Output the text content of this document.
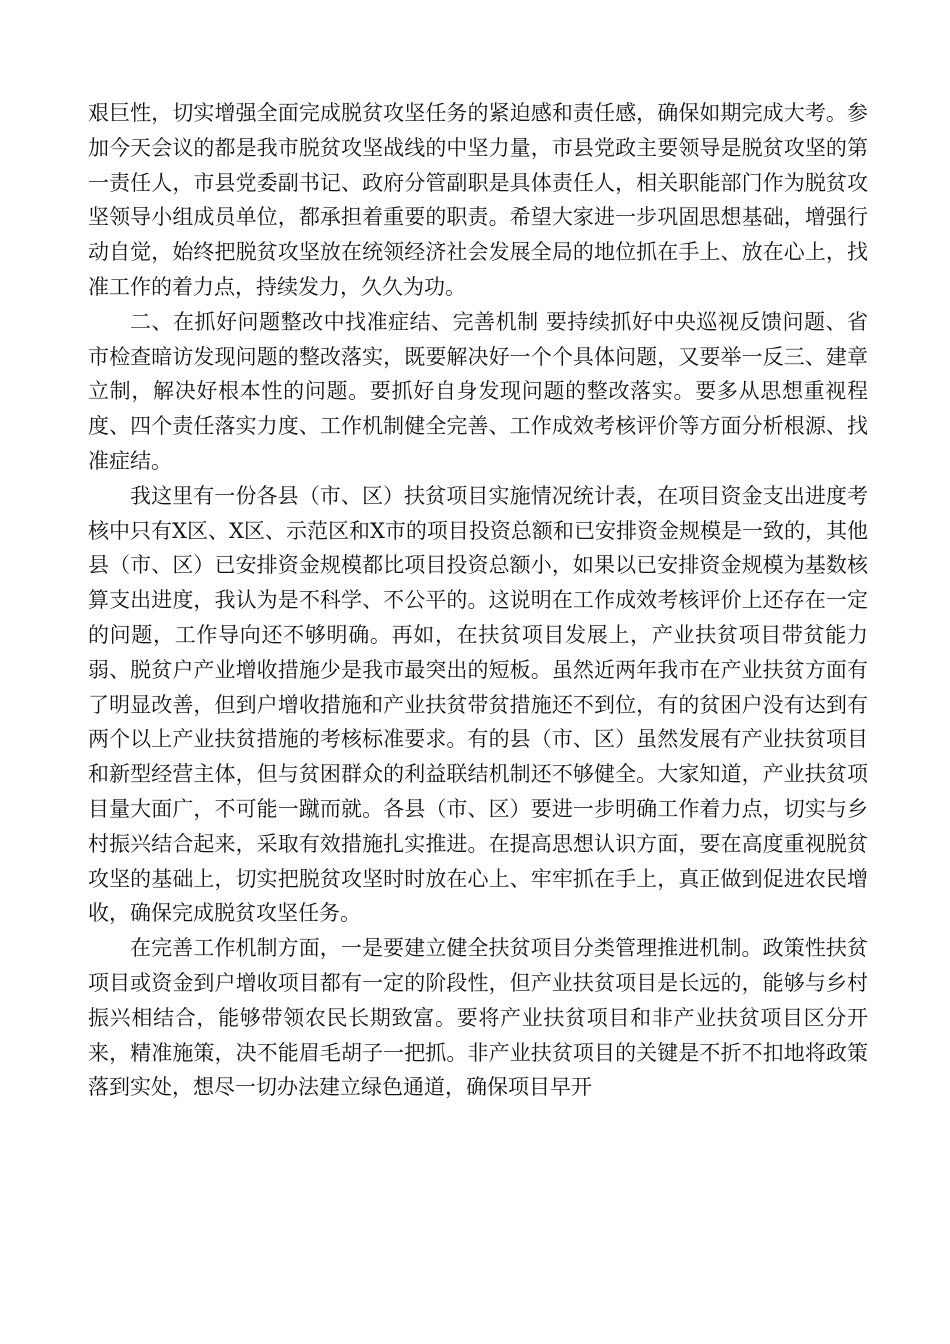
艰巨性，切实增强全面完成脱贫攻坚任务的紧迫感和责任感，确保如期完成大考。参加今天会议的都是我市脱贫攻坚战线的中坚力量，市县党政主要领导是脱贫攻坚的第一责任人，市县党委副书记、政府分管副职是具体责任人，相关职能部门作为脱贫攻坚领导小组成员单位，都承担着重要的职责。希望大家进一步巩固思想基础，增强行动自觉，始终把脱贫攻坚放在统领经济社会发展全局的地位抓在手上、放在心上，找准工作的着力点，持续发力，久久为功。

二、在抓好问题整改中找准症结、完善机制 要持续抓好中央巡视反馈问题、省市检查暗访发现问题的整改落实，既要解决好一个个具体问题，又要举一反三、建章立制，解决好根本性的问题。要抓好自身发现问题的整改落实。要多从思想重视程度、四个责任落实力度、工作机制健全完善、工作成效考核评价等方面分析根源、找准症结。

我这里有一份各县（市、区）扶贫项目实施情况统计表，在项目资金支出进度考核中只有X区、X区、示范区和X市的项目投资总额和已安排资金规模是一致的，其他县（市、区）已安排资金规模都比项目投资总额小，如果以已安排资金规模为基数核算支出进度，我认为是不科学、不公平的。这说明在工作成效考核评价上还存在一定的问题，工作导向还不够明确。再如，在扶贫项目发展上，产业扶贫项目带贫能力弱、脱贫户产业增收措施少是我市最突出的短板。虽然近两年我市在产业扶贫方面有了明显改善，但到户增收措施和产业扶贫带贫措施还不到位，有的贫困户没有达到有两个以上产业扶贫措施的考核标准要求。有的县（市、区）虽然发展有产业扶贫项目和新型经营主体，但与贫困群众的利益联结机制还不够健全。大家知道，产业扶贫项目量大面广，不可能一蹴而就。各县（市、区）要进一步明确工作着力点，切实与乡村振兴结合起来，采取有效措施扎实推进。在提高思想认识方面，要在高度重视脱贫攻坚的基础上，切实把脱贫攻坚时时放在心上、牢牢抓在手上，真正做到促进农民增收，确保完成脱贫攻坚任务。

在完善工作机制方面，一是要建立健全扶贫项目分类管理推进机制。政策性扶贫项目或资金到户增收项目都有一定的阶段性，但产业扶贫项目是长远的，能够与乡村振兴相结合，能够带领农民长期致富。要将产业扶贫项目和非产业扶贫项目区分开来，精准施策，决不能眉毛胡子一把抓。非产业扶贫项目的关键是不折不扣地将政策落到实处，想尽一切办法建立绿色通道，确保项目早开
